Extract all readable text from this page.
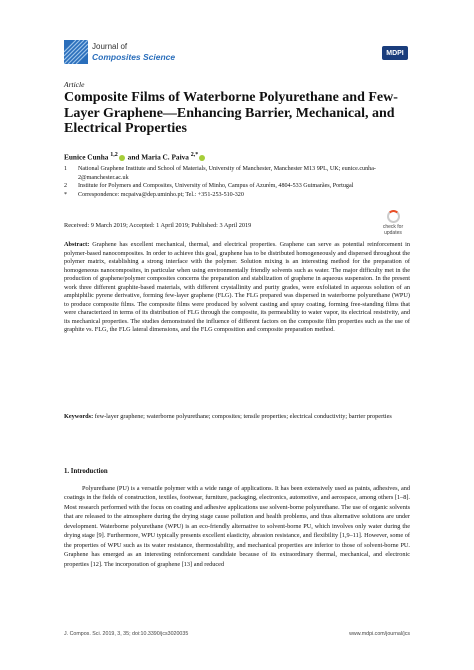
Journal of
Composites Science	MDPI
Article
Composite Films of Waterborne Polyurethane and Few-Layer Graphene—Enhancing Barrier, Mechanical, and Electrical Properties
Eunice Cunha $^{1,2}$ and Maria C. Paiva $^{2,*}$
1	National Graphene Institute and School of Materials, University of Manchester, Manchester M13 9PL, UK; eunice.cunha-2@manchester.ac.uk
2	Institute for Polymers and Composites, University of Minho, Campus of Azurém, 4804-533 Guimarães, Portugal
*	Correspondence: mcpaiva@dep.uminho.pt; Tel.: +351-253-510-320
Received: 9 March 2019; Accepted: 1 April 2019; Published: 3 April 2019	check for
updates
Abstract: Graphene has excellent mechanical, thermal, and electrical properties. Graphene can serve as potential reinforcement in polymer-based nanocomposites. In order to achieve this goal, graphene has to be distributed homogeneously and dispersed throughout the polymer matrix, establishing a strong interface with the polymer. Solution mixing is an interesting method for the preparation of homogeneous nanocomposites, in particular when using environmentally friendly solvents such as water. The major difficulty met in the production of graphene/polymer composites concerns the preparation and stabilization of graphene in aqueous suspension. In the present work three different graphite-based materials, with different crystallinity and purity grades, were exfoliated in aqueous solution of an amphiphilic pyrene derivative, forming few-layer graphene (FLG). The FLG prepared was dispersed in waterborne polyurethane (WPU) to produce composite films. The composite films were produced by solvent casting and spray coating, forming free-standing films that were characterized in terms of its distribution of FLG through the composite, its permeability to water vapor, its electrical resistivity, and its mechanical properties. The studies demonstrated the influence of different factors on the composite film properties such as the use of graphite vs. FLG, the FLG lateral dimensions, and the FLG composition and composite preparation method.
Keywords: few-layer graphene; waterborne polyurethane; composites; tensile properties; electrical conductivity; barrier properties
1. Introduction
Polyurethane (PU) is a versatile polymer with a wide range of applications. It has been extensively used as paints, adhesives, and coatings in the fields of construction, textiles, footwear, furniture, packaging, electronics, automotive, and aerospace, among others [1–8]. Most research performed with the focus on coating and adhesive applications use solvent-borne polyurethane. The use of organic solvents that are released to the atmosphere during the drying stage cause pollution and health problems, and thus alternative solutions are under development. Waterborne polyurethane (WPU) is an eco-friendly alternative to solvent-borne PU, which involves only water during the drying stage [9]. Furthermore, WPU typically presents excellent elasticity, abrasion resistance, and flexibility [1,9–11]. However, some of the properties of WPU such as its water resistance, thermostability, and mechanical properties are inferior to those of solvent-borne PU. Graphene has emerged as an interesting reinforcement candidate because of its extraordinary thermal, mechanical, and electronic properties [12]. The incorporation of graphene [13] and reduced
J. Compos. Sci. 2019, 3, 35; doi:10.3390/jcs3020035	www.mdpi.com/journal/jcs
